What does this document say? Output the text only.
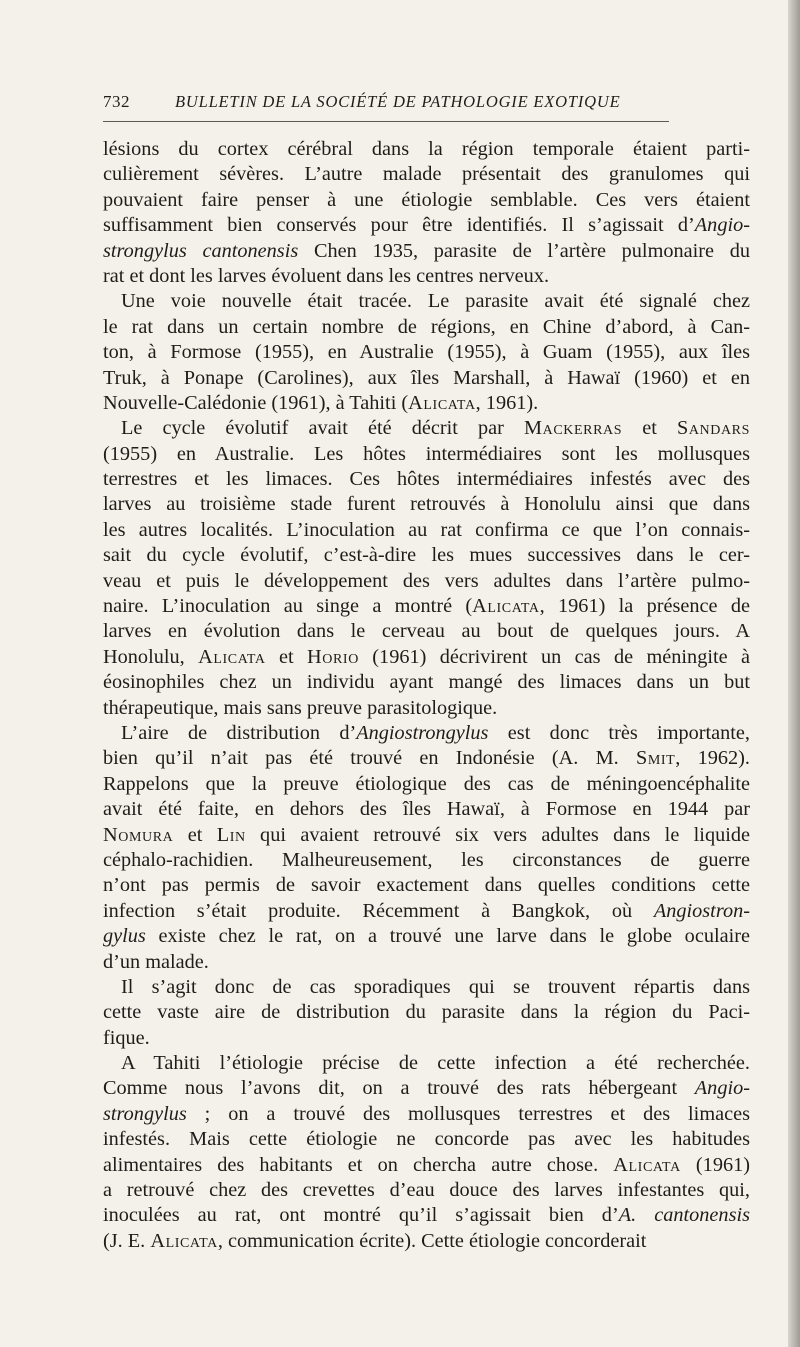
732	BULLETIN DE LA SOCIÉTÉ DE PATHOLOGIE EXOTIQUE
lésions du cortex cérébral dans la région temporale étaient parti-
culièrement sévères. L’autre malade présentait des granulomes qui
pouvaient faire penser à une étiologie semblable. Ces vers étaient
suffisamment bien conservés pour être identifiés. Il s’agissait d’Angio-
strongylus cantonensis Chen 1935, parasite de l’artère pulmonaire du
rat et dont les larves évoluent dans les centres nerveux.
Une voie nouvelle était tracée. Le parasite avait été signalé chez
le rat dans un certain nombre de régions, en Chine d’abord, à Can-
ton, à Formose (1955), en Australie (1955), à Guam (1955), aux îles
Truk, à Ponape (Carolines), aux îles Marshall, à Hawaï (1960) et en
Nouvelle-Calédonie (1961), à Tahiti (Alicata, 1961).
Le cycle évolutif avait été décrit par Mackerras et Sandars
(1955) en Australie. Les hôtes intermédiaires sont les mollusques
terrestres et les limaces. Ces hôtes intermédiaires infestés avec des
larves au troisième stade furent retrouvés à Honolulu ainsi que dans
les autres localités. L’inoculation au rat confirma ce que l’on connais-
sait du cycle évolutif, c’est-à-dire les mues successives dans le cer-
veau et puis le développement des vers adultes dans l’artère pulmo-
naire. L’inoculation au singe a montré (Alicata, 1961) la présence de
larves en évolution dans le cerveau au bout de quelques jours. A
Honolulu, Alicata et Horio (1961) décrivirent un cas de méningite à
éosinophiles chez un individu ayant mangé des limaces dans un but
thérapeutique, mais sans preuve parasitologique.
L’aire de distribution d’Angiostrongylus est donc très importante,
bien qu’il n’ait pas été trouvé en Indonésie (A. M. Smit, 1962).
Rappelons que la preuve étiologique des cas de méningoencéphalite
avait été faite, en dehors des îles Hawaï, à Formose en 1944 par
Nomura et Lin qui avaient retrouvé six vers adultes dans le liquide
céphalo-rachidien. Malheureusement, les circonstances de guerre
n’ont pas permis de savoir exactement dans quelles conditions cette
infection s’était produite. Récemment à Bangkok, où Angiostron-
gylus existe chez le rat, on a trouvé une larve dans le globe oculaire
d’un malade.
Il s’agit donc de cas sporadiques qui se trouvent répartis dans
cette vaste aire de distribution du parasite dans la région du Paci-
fique.
A Tahiti l’étiologie précise de cette infection a été recherchée.
Comme nous l’avons dit, on a trouvé des rats hébergeant Angio-
strongylus ; on a trouvé des mollusques terrestres et des limaces
infestés. Mais cette étiologie ne concorde pas avec les habitudes
alimentaires des habitants et on chercha autre chose. Alicata (1961)
a retrouvé chez des crevettes d’eau douce des larves infestantes qui,
inoculées au rat, ont montré qu’il s’agissait bien d’A. cantonensis
(J. E. Alicata, communication écrite). Cette étiologie concorderait
